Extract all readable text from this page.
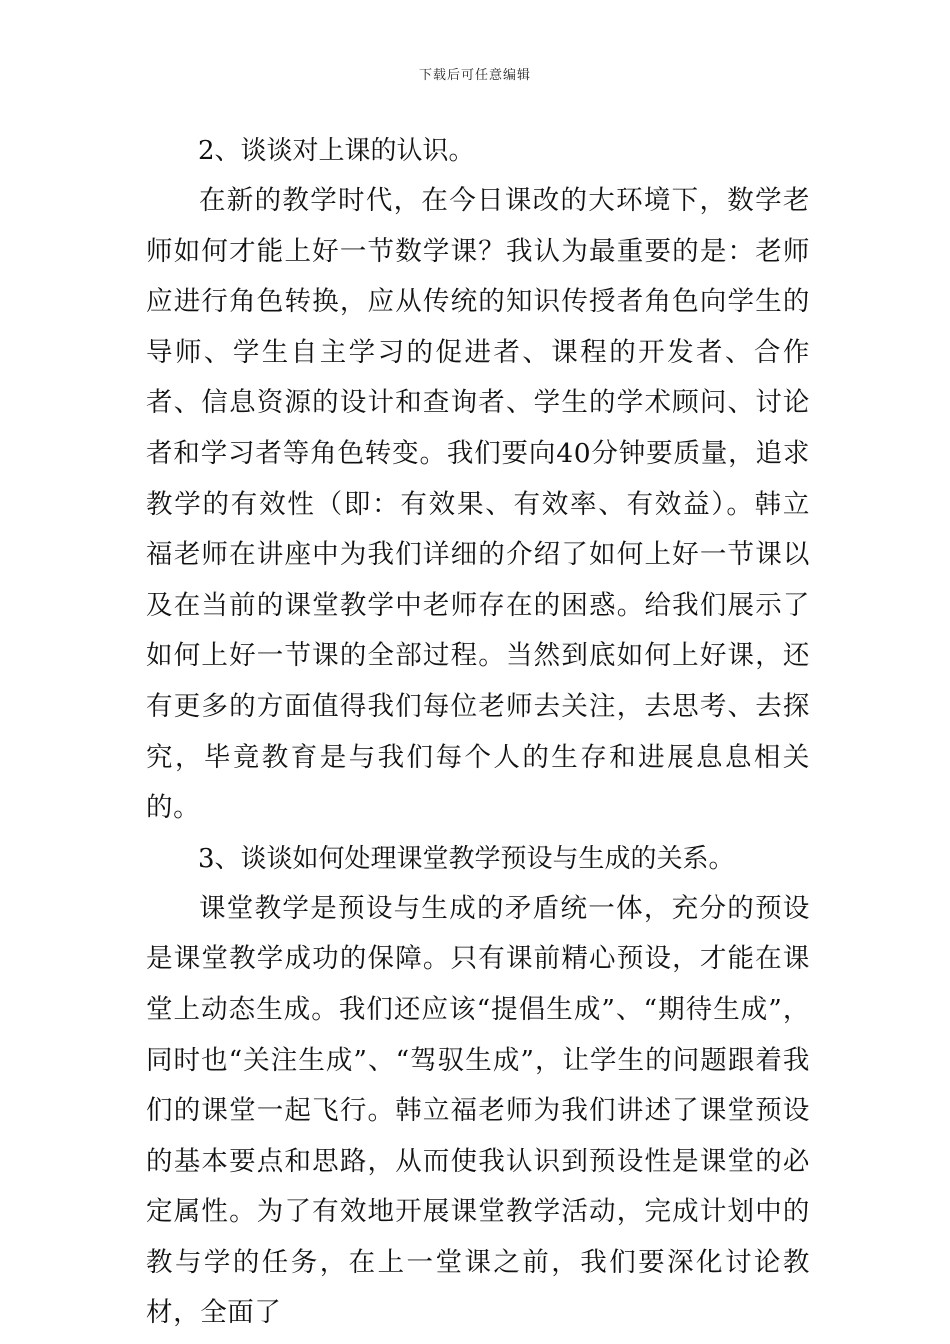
下载后可任意编辑

2、谈谈对上课的认识。

在新的教学时代，在今日课改的大环境下，数学老师如何才能上好一节数学课？我认为最重要的是：老师应进行角色转换，应从传统的知识传授者角色向学生的导师、学生自主学习的促进者、课程的开发者、合作者、信息资源的设计和查询者、学生的学术顾问、讨论者和学习者等角色转变。我们要向40分钟要质量，追求教学的有效性（即：有效果、有效率、有效益）。韩立福老师在讲座中为我们详细的介绍了如何上好一节课以及在当前的课堂教学中老师存在的困惑。给我们展示了如何上好一节课的全部过程。当然到底如何上好课，还有更多的方面值得我们每位老师去关注，去思考、去探究，毕竟教育是与我们每个人的生存和进展息息相关的。

3、谈谈如何处理课堂教学预设与生成的关系。

课堂教学是预设与生成的矛盾统一体，充分的预设是课堂教学成功的保障。只有课前精心预设，才能在课堂上动态生成。我们还应该“提倡生成”、“期待生成”，同时也“关注生成”、“驾驭生成”，让学生的问题跟着我们的课堂一起飞行。韩立福老师为我们讲述了课堂预设的基本要点和思路，从而使我认识到预设性是课堂的必定属性。为了有效地开展课堂教学活动，完成计划中的教与学的任务，在上一堂课之前，我们要深化讨论教材，全面了
